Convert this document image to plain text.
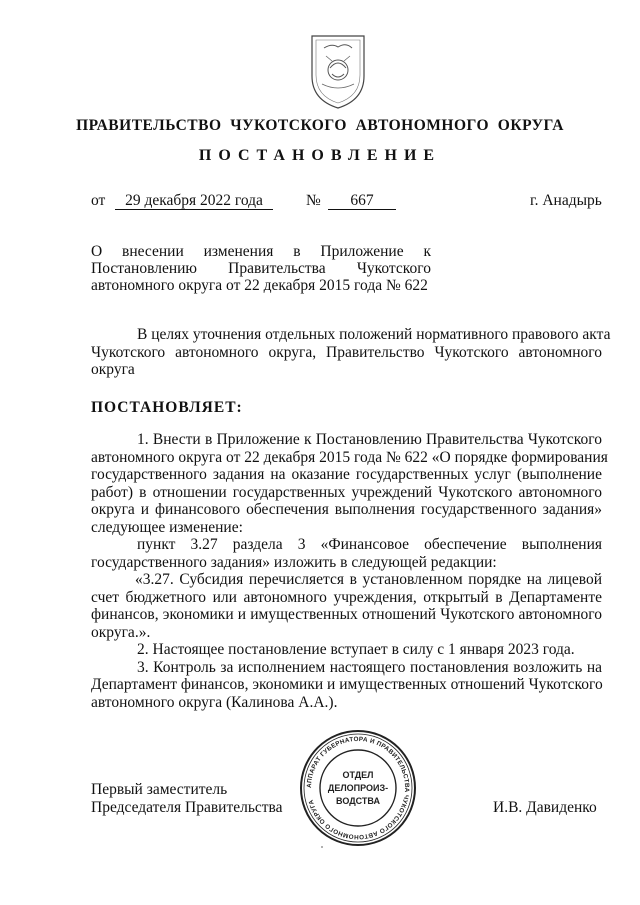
ПРАВИТЕЛЬСТВО  ЧУКОТСКОГО  АВТОНОМНОГО  ОКРУГА
ПОСТАНОВЛЕНИЕ
от	29 декабря 2022 года	№	667	г. Анадырь
О внесении изменения в Приложение к
Постановлению Правительства Чукотского
автономного округа от 22 декабря 2015 года № 622
В целях уточнения отдельных положений нормативного правового акта
Чукотского автономного округа, Правительство Чукотского автономного
округа
ПОСТАНОВЛЯЕТ:
1. Внести в Приложение к Постановлению Правительства Чукотского
автономного округа от 22 декабря 2015 года № 622 «О порядке формирования
государственного задания на оказание государственных услуг (выполнение
работ) в отношении государственных учреждений Чукотского автономного
округа и финансового обеспечения выполнения государственного задания»
следующее изменение:
пункт 3.27 раздела 3 «Финансовое обеспечение выполнения
государственного задания» изложить в следующей редакции:
«3.27. Субсидия перечисляется в установленном порядке на лицевой
счет бюджетного или автономного учреждения, открытый в Департаменте
финансов, экономики и имущественных отношений Чукотского автономного
округа.».
2. Настоящее постановление вступает в силу с 1 января 2023 года.
3. Контроль за исполнением настоящего постановления возложить на
Департамент финансов, экономики и имущественных отношений Чукотского
автономного округа (Калинова А.А.).
Первый заместитель
Председателя Правительства	И.В. Давиденко
АППАРАТ ГУБЕРНАТОРА И ПРАВИТЕЛЬСТВА ЧУКОТСКОГО АВТОНОМНОГО ОКРУГА
ОТДЕЛ
ДЕЛОПРОИЗ-
ВОДСТВА
